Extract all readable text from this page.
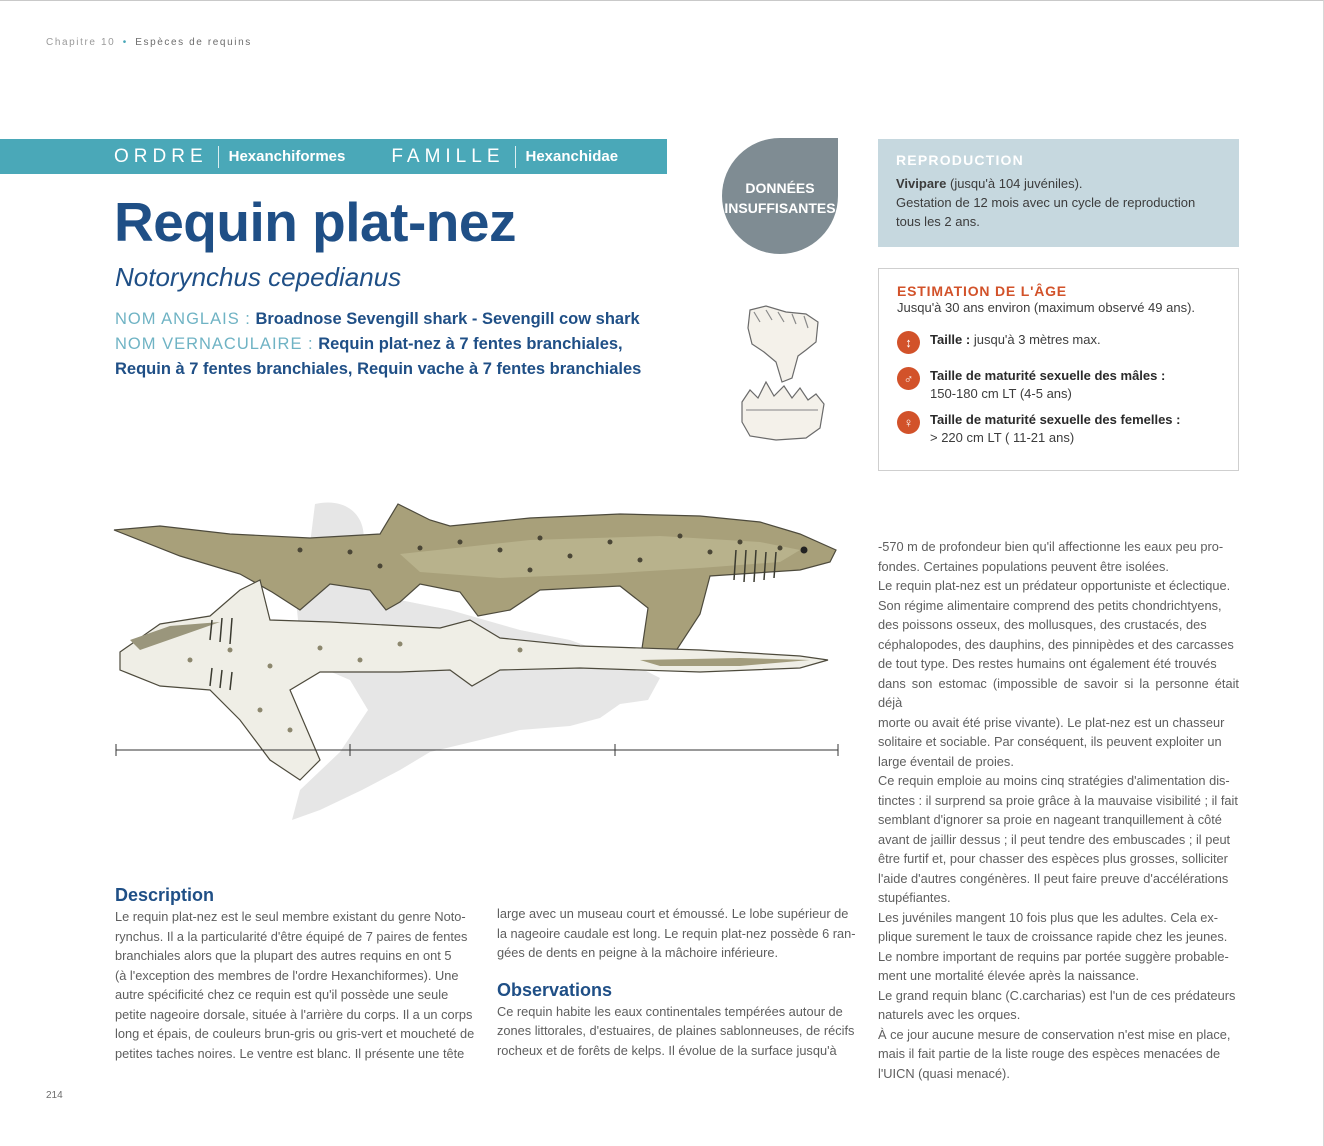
Chapitre 10 • Espèces de requins
ORDRE	Hexanchiformes FAMILLE	Hexanchidae
Requin plat-nez
Notorynchus cepedianus
NOM ANGLAIS : Broadnose Sevengill shark - Sevengill cow shark
NOM VERNACULAIRE : Requin plat-nez à 7 fentes branchiales,
Requin à 7 fentes branchiales, Requin vache à 7 fentes branchiales
DONNÉES
INSUFFISANTES
REPRODUCTION

Vivipare (jusqu'à 104 juvéniles).

Gestation de 12 mois avec un cycle de reproduction

tous les 2 ans.

ESTIMATION DE L'ÂGE
Jusqu'à 30 ans environ (maximum observé 49 ans).
↕	Taille : jusqu'à 3 mètres max.
♂	Taille de maturité sexuelle des mâles :
150-180 cm LT (4-5 ans)
♀	Taille de maturité sexuelle des femelles :
> 220 cm LT ( 11-21 ans)
Description
Le requin plat-nez est le seul membre existant du genre Noto-
rynchus. Il a la particularité d'être équipé de 7 paires de fentes
branchiales alors que la plupart des autres requins en ont 5
(à l'exception des membres de l'ordre Hexanchiformes). Une
autre spécificité chez ce requin est qu'il possède une seule
petite nageoire dorsale, située à l'arrière du corps. Il a un corps
long et épais, de couleurs brun-gris ou gris-vert et moucheté de
petites taches noires. Le ventre est blanc. Il présente une tête
large avec un museau court et émoussé. Le lobe supérieur de
la nageoire caudale est long. Le requin plat-nez possède 6 ran-
gées de dents en peigne à la mâchoire inférieure.
Observations
Ce requin habite les eaux continentales tempérées autour de
zones littorales, d'estuaires, de plaines sablonneuses, de récifs
rocheux et de forêts de kelps. Il évolue de la surface jusqu'à
-570 m de profondeur bien qu'il affectionne les eaux peu pro-
fondes. Certaines populations peuvent être isolées.
Le requin plat-nez est un prédateur opportuniste et éclectique.
Son régime alimentaire comprend des petits chondrichtyens,
des poissons osseux, des mollusques, des crustacés, des
céphalopodes, des dauphins, des pinnipèdes et des carcasses
de tout type. Des restes humains ont également été trouvés
dans son estomac (impossible de savoir si la personne était déjà
morte ou avait été prise vivante). Le plat-nez est un chasseur
solitaire et sociable. Par conséquent, ils peuvent exploiter un
large éventail de proies.
Ce requin emploie au moins cinq stratégies d'alimentation dis-
tinctes : il surprend sa proie grâce à la mauvaise visibilité ; il fait
semblant d'ignorer sa proie en nageant tranquillement à côté
avant de jaillir dessus ; il peut tendre des embuscades ; il peut
être furtif et, pour chasser des espèces plus grosses, solliciter
l'aide d'autres congénères. Il peut faire preuve d'accélérations
stupéfiantes.
Les juvéniles mangent 10 fois plus que les adultes. Cela ex-
plique surement le taux de croissance rapide chez les jeunes.
Le nombre important de requins par portée suggère probable-
ment une mortalité élevée après la naissance.
Le grand requin blanc (C.carcharias) est l'un de ces prédateurs
naturels avec les orques.
À ce jour aucune mesure de conservation n'est mise en place,
mais il fait partie de la liste rouge des espèces menacées de
l'UICN (quasi menacé).
214
